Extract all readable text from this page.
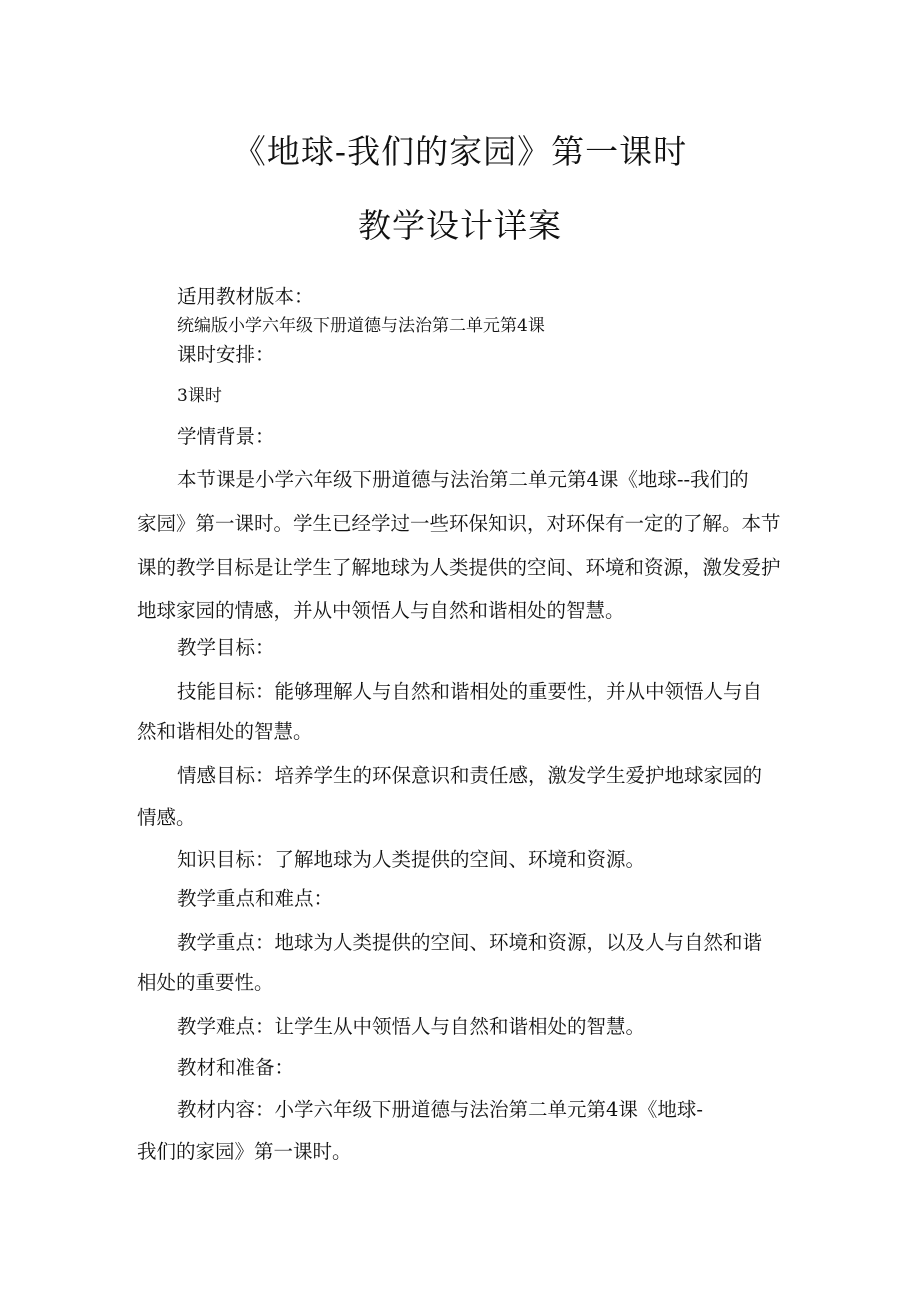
《地球-我们的家园》第一课时
教学设计详案
适用教材版本：
统编版小学六年级下册道德与法治第二单元第4课
课时安排：
3课时
学情背景：
本节课是小学六年级下册道德与法治第二单元第4课《地球--我们的
家园》第一课时。学生已经学过一些环保知识，对环保有一定的了解。本节
课的教学目标是让学生了解地球为人类提供的空间、环境和资源，激发爱护
地球家园的情感，并从中领悟人与自然和谐相处的智慧。
教学目标：
技能目标：能够理解人与自然和谐相处的重要性，并从中领悟人与自
然和谐相处的智慧。
情感目标：培养学生的环保意识和责任感，激发学生爱护地球家园的
情感。
知识目标：了解地球为人类提供的空间、环境和资源。
教学重点和难点：
教学重点：地球为人类提供的空间、环境和资源，以及人与自然和谐
相处的重要性。
教学难点：让学生从中领悟人与自然和谐相处的智慧。
教材和准备：
教材内容：小学六年级下册道德与法治第二单元第4课《地球-
我们的家园》第一课时。
